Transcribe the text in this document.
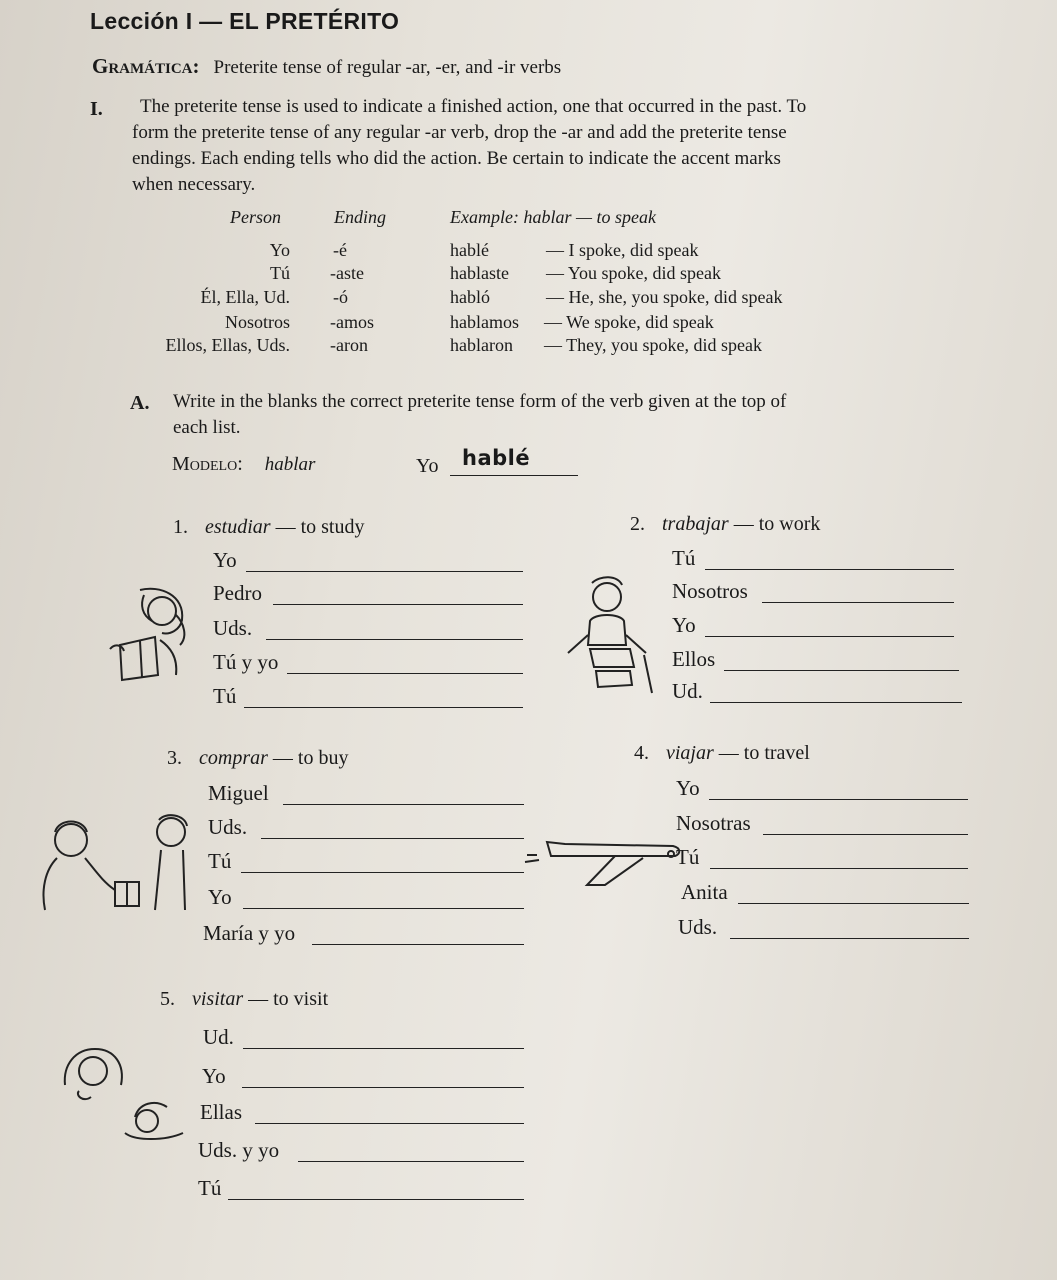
Lección I — EL PRETÉRITO
Gramática: Preterite tense of regular -ar, -er, and -ir verbs
I. The preterite tense is used to indicate a finished action, one that occurred in the past. To
form the preterite tense of any regular -ar verb, drop the -ar and add the preterite tense
endings. Each ending tells who did the action. Be certain to indicate the accent marks
when necessary.
Person	Ending	Example: hablar — to speak
Yo -é	hablé	— I spoke, did speak
Tú -aste	hablaste — You spoke, did speak
Él, Ella, Ud. -ó	habló	— He, she, you spoke, did speak
Nosotros -amos	hablamos — We spoke, did speak
Ellos, Ellas, Uds. -aron	hablaron — They, you spoke, did speak
A. Write in the blanks the correct preterite tense form of the verb given at the top of
each list.
Modelo: hablar	Yo hablé
1. estudiar — to study
Yo
Pedro
Uds.
Tú y yo
Tú
2. trabajar — to work
Tú
Nosotros
Yo
Ellos
Ud.
3. comprar — to buy
Miguel
Uds.
Tú
Yo
María y yo
4. viajar — to travel
Yo
Nosotras
Tú
Anita
Uds.
5. visitar — to visit
Ud.
Yo
Ellas
Uds. y yo
Tú
